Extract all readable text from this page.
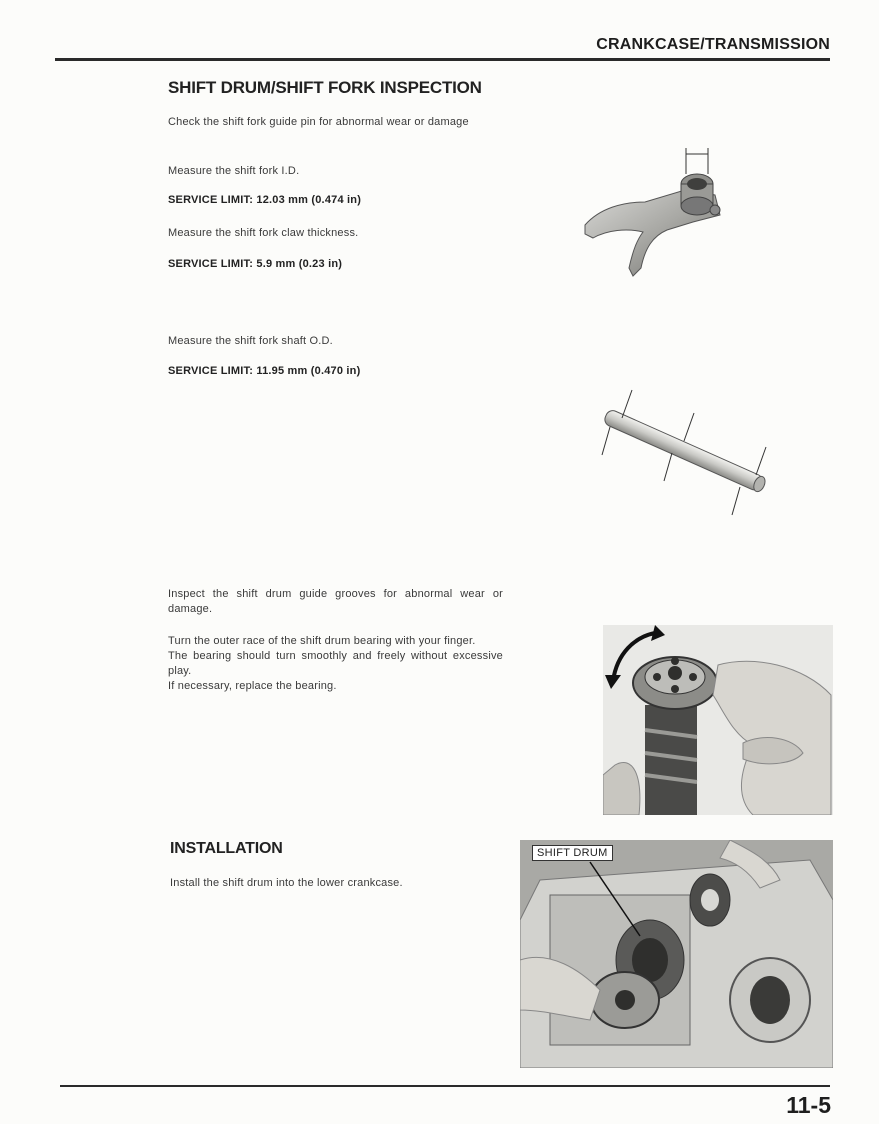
CRANKCASE/TRANSMISSION
SHIFT DRUM/SHIFT FORK INSPECTION
Check the shift fork guide pin for abnormal wear or damage
Measure the shift fork I.D.
SERVICE LIMIT: 12.03 mm (0.474 in)
Measure the shift fork claw thickness.
SERVICE LIMIT: 5.9 mm (0.23 in)
Measure the shift fork shaft O.D.
SERVICE LIMIT: 11.95 mm (0.470 in)
Inspect the shift drum guide grooves for abnormal wear or damage.
Turn the outer race of the shift drum bearing with your finger.
The bearing should turn smoothly and freely without excessive play.
If necessary, replace the bearing.
INSTALLATION
Install the shift drum into the lower crankcase.
SHIFT DRUM
11-5
